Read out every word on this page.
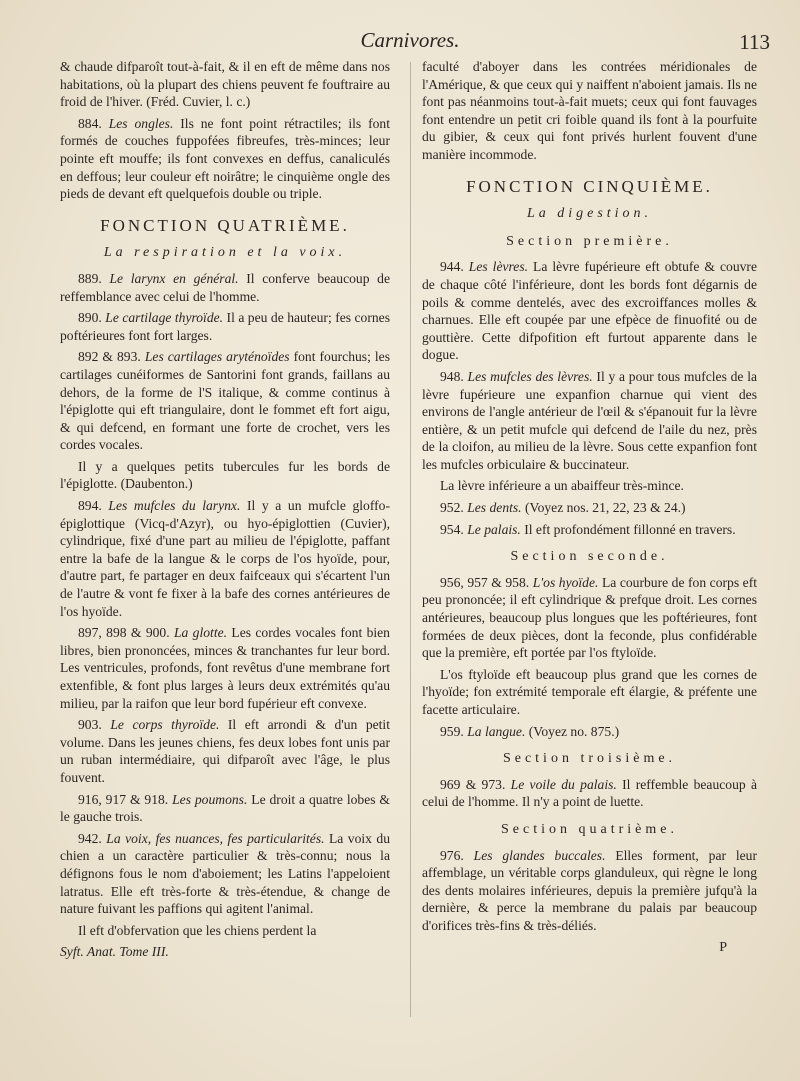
Carnivores.	113

& chaude difparoît tout-à-fait, & il en eft de même dans nos habitations, où la plupart des chiens peuvent fe fouftraire au froid de l'hiver. (Fréd. Cuvier, l. c.)

884. Les ongles. Ils ne font point rétractiles; ils font formés de couches fuppofées fibreufes, très-minces; leur pointe eft mouffe; ils font convexes en deffus, canaliculés en deffous; leur couleur eft noirâtre; le cinquième ongle des pieds de devant eft quelquefois double ou triple.

FONCTION QUATRIÈME.
La respiration et la voix.

889. Le larynx en général. Il conferve beaucoup de reffemblance avec celui de l'homme.

890. Le cartilage thyroïde. Il a peu de hauteur; fes cornes poftérieures font fort larges.

892 & 893. Les cartilages aryténoïdes font fourchus; les cartilages cunéiformes de Santorini font grands, faillans au dehors, de la forme de l'S italique, & comme continus à l'épiglotte qui eft triangulaire, dont le fommet eft fort aigu, & qui defcend, en formant une forte de crochet, vers les cordes vocales.

Il y a quelques petits tubercules fur les bords de l'épiglotte. (Daubenton.)

894. Les mufcles du larynx. Il y a un mufcle gloffo-épiglottique (Vicq-d'Azyr), ou hyo-épiglottien (Cuvier), cylindrique, fixé d'une part au milieu de l'épiglotte, paffant entre la bafe de la langue & le corps de l'os hyoïde, pour, d'autre part, fe partager en deux faifceaux qui s'écartent l'un de l'autre & vont fe fixer à la bafe des cornes antérieures de l'os hyoïde.

897, 898 & 900. La glotte. Les cordes vocales font bien libres, bien prononcées, minces & tranchantes fur leur bord. Les ventricules, profonds, font revêtus d'une membrane fort extenfible, & font plus larges à leurs deux extrémités qu'au milieu, par la raifon que leur bord fupérieur eft convexe.

903. Le corps thyroïde. Il eft arrondi & d'un petit volume. Dans les jeunes chiens, fes deux lobes font unis par un ruban intermédiaire, qui difparoît avec l'âge, le plus fouvent.

916, 917 & 918. Les poumons. Le droit a quatre lobes & le gauche trois.

942. La voix, fes nuances, fes particularités. La voix du chien a un caractère particulier & très-connu; nous la défignons fous le nom d'aboiement; les Latins l'appeloient latratus. Elle eft très-forte & très-étendue, & change de nature fuivant les paffions qui agitent l'animal.

Il eft d'obfervation que les chiens perdent la

Syft. Anat. Tome III.

faculté d'aboyer dans les contrées méridionales de l'Amérique, & que ceux qui y naiffent n'aboient jamais. Ils ne font pas néanmoins tout-à-fait muets; ceux qui font fauvages font entendre un petit cri foible quand ils font à la pourfuite du gibier, & ceux qui font privés hurlent fouvent d'une manière incommode.

FONCTION CINQUIÈME.
La digestion.
Section première.

944. Les lèvres. La lèvre fupérieure eft obtufe & couvre de chaque côté l'inférieure, dont les bords font dégarnis de poils & comme dentelés, avec des excroiffances molles & charnues. Elle eft coupée par une efpèce de finuofité ou de gouttière. Cette difpofition eft furtout apparente dans le dogue.

948. Les mufcles des lèvres. Il y a pour tous mufcles de la lèvre fupérieure une expanfion charnue qui vient des environs de l'angle antérieur de l'œil & s'épanouit fur la lèvre entière, & un petit mufcle qui defcend de l'aile du nez, près de la cloifon, au milieu de la lèvre. Sous cette expanfion font les mufcles orbiculaire & buccinateur.

La lèvre inférieure a un abaiffeur très-mince.

952. Les dents. (Voyez nos. 21, 22, 23 & 24.)

954. Le palais. Il eft profondément fillonné en travers.

Section seconde.

956, 957 & 958. L'os hyoïde. La courbure de fon corps eft peu prononcée; il eft cylindrique & prefque droit. Les cornes antérieures, beaucoup plus longues que les poftérieures, font formées de deux pièces, dont la feconde, plus confidérable que la première, eft portée par l'os ftyloïde.

L'os ftyloïde eft beaucoup plus grand que les cornes de l'hyoïde; fon extrémité temporale eft élargie, & préfente une facette articulaire.

959. La langue. (Voyez no. 875.)

Section troisième.

969 & 973. Le voile du palais. Il reffemble beaucoup à celui de l'homme. Il n'y a point de luette.

Section quatrième.

976. Les glandes buccales. Elles forment, par leur affemblage, un véritable corps glanduleux, qui règne le long des dents molaires inférieures, depuis la première jufqu'à la dernière, & perce la membrane du palais par beaucoup d'orifices très-fins & très-déliés.

P
